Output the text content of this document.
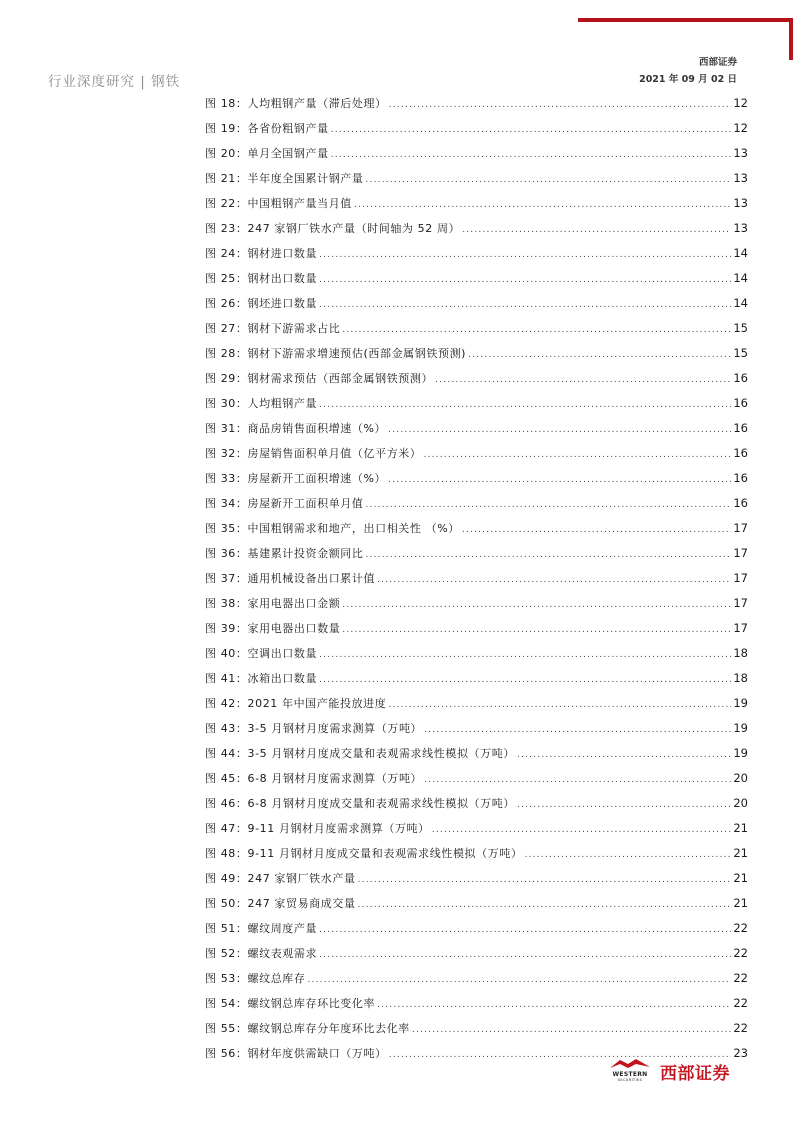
行业深度研究 | 钢铁
西部证券
2021 年 09 月 02 日
图 18：人均粗钢产量（滞后处理） .....	12
图 19：各省份粗钢产量 .....	12
图 20：单月全国钢产量 .....	13
图 21：半年度全国累计钢产量 .....	13
图 22：中国粗钢产量当月值 .....	13
图 23：247 家钢厂铁水产量（时间轴为 52 周） .....	13
图 24：钢材进口数量 .....	14
图 25：钢材出口数量 .....	14
图 26：钢坯进口数量 .....	14
图 27：钢材下游需求占比 .....	15
图 28：钢材下游需求增速预估(西部金属钢铁预测) .....	15
图 29：钢材需求预估（西部金属钢铁预测） .....	16
图 30：人均粗钢产量 .....	16
图 31：商品房销售面积增速（%） .....	16
图 32：房屋销售面积单月值（亿平方米） .....	16
图 33：房屋新开工面积增速（%） .....	16
图 34：房屋新开工面积单月值 .....	16
图 35：中国粗钢需求和地产，出口相关性 （%） .....	17
图 36：基建累计投资金额同比 .....	17
图 37：通用机械设备出口累计值 .....	17
图 38：家用电器出口金额 .....	17
图 39：家用电器出口数量 .....	17
图 40：空调出口数量 .....	18
图 41：冰箱出口数量 .....	18
图 42：2021 年中国产能投放进度 .....	19
图 43：3-5 月钢材月度需求测算（万吨） .....	19
图 44：3-5 月钢材月度成交量和表观需求线性模拟（万吨） .....	19
图 45：6-8 月钢材月度需求测算（万吨） .....	20
图 46：6-8 月钢材月度成交量和表观需求线性模拟（万吨） .....	20
图 47：9-11 月钢材月度需求测算（万吨） .....	21
图 48：9-11 月钢材月度成交量和表观需求线性模拟（万吨） .....	21
图 49：247 家钢厂铁水产量 .....	21
图 50：247 家贸易商成交量 .....	21
图 51：螺纹周度产量 .....	22
图 52：螺纹表观需求 .....	22
图 53：螺纹总库存 .....	22
图 54：螺纹钢总库存环比变化率 .....	22
图 55：螺纹钢总库存分年度环比去化率 .....	22
图 56：钢材年度供需缺口（万吨） .....	23
WESTERN
SECURITIES	西部证券
